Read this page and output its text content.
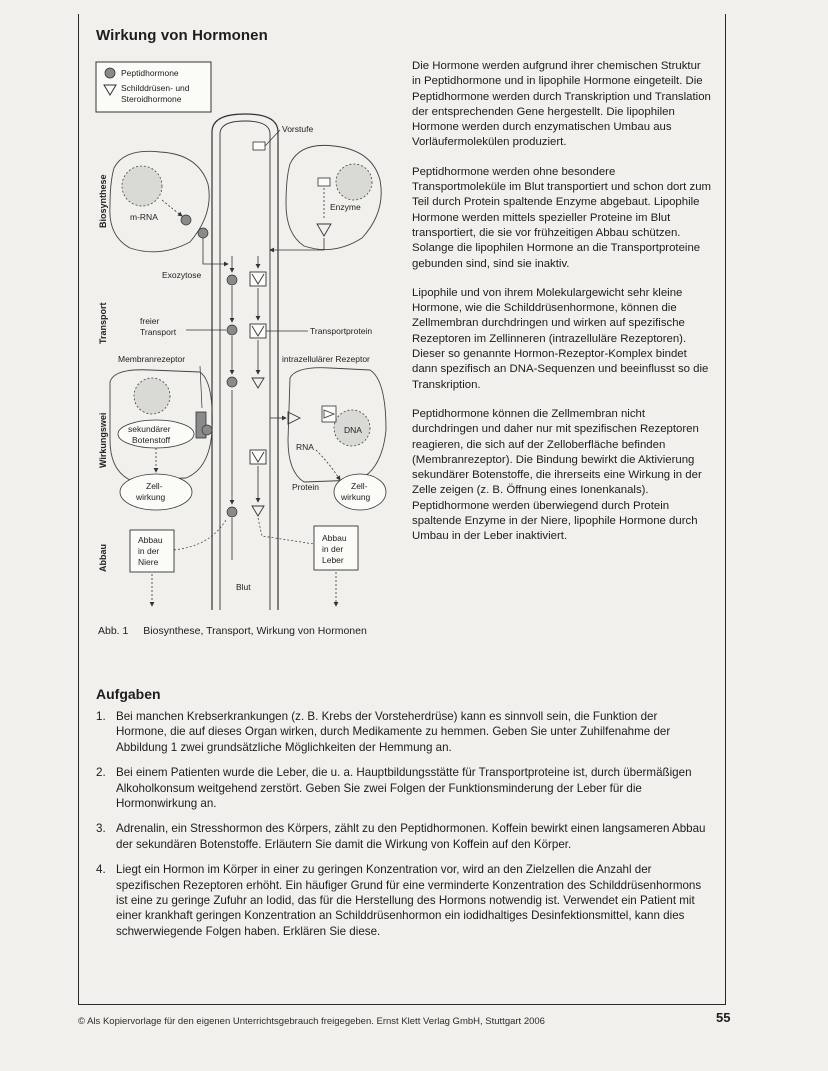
Wirkung von Hormonen
Peptidhormone
Schilddrüsen- und
Steroidhormone
Biosynthese
Transport
Wirkungswei
Abbau
Blut
m-RNA
Exozytose
Enzyme
Vorstufe
freier
Transport	Transportprotein
Membranrezeptor	intrazellulärer Rezeptor
sekundärer
Botenstoff
Zell-
wirkung
DNA
RNA
Protein	Zell-
wirkung
Abbau
in der
Niere
Abbau
in der
Leber
Abb. 1 Biosynthese, Transport, Wirkung von Hormonen

Die Hormone werden aufgrund ihrer chemischen Struktur in Peptidhormone und in lipophile Hormone eingeteilt. Die Peptidhormone werden durch Transkription und Translation der entsprechenden Gene hergestellt. Die lipophilen Hormone werden durch enzymatischen Umbau aus Vorläufermolekülen produziert.

Peptidhormone werden ohne besondere Transportmoleküle im Blut transportiert und schon dort zum Teil durch Protein spaltende Enzyme abgebaut. Lipophile Hormone werden mittels spezieller Proteine im Blut transportiert, die sie vor frühzeitigen Abbau schützen. Solange die lipophilen Hormone an die Transportproteine gebunden sind, sind sie inaktiv.

Lipophile und von ihrem Molekulargewicht sehr kleine Hormone, wie die Schilddrüsenhormone, können die Zellmembran durchdringen und wirken auf spezifische Rezeptoren im Zellinneren (intrazelluläre Rezeptoren). Dieser so genannte Hormon-Rezeptor-Komplex bindet dann spezifisch an DNA-Sequenzen und beeinflusst so die Transkription.

Peptidhormone können die Zellmembran nicht durchdringen und daher nur mit spezifischen Rezeptoren reagieren, die sich auf der Zelloberfläche befinden (Membranrezeptor). Die Bindung bewirkt die Aktivierung sekundärer Botenstoffe, die ihrerseits eine Wirkung in der Zelle zeigen (z. B. Öffnung eines Ionenkanals). Peptidhormone werden überwiegend durch Protein spaltende Enzyme in der Niere, lipophile Hormone durch Umbau in der Leber inaktiviert.

Aufgaben
1. Bei manchen Krebserkrankungen (z. B. Krebs der Vorsteherdrüse) kann es sinnvoll sein, die Funktion der Hormone, die auf dieses Organ wirken, durch Medikamente zu hemmen. Geben Sie unter Zuhilfenahme der Abbildung 1 zwei grundsätzliche Möglichkeiten der Hemmung an.
2. Bei einem Patienten wurde die Leber, die u. a. Hauptbildungsstätte für Transportproteine ist, durch übermäßigen Alkoholkonsum weitgehend zerstört. Geben Sie zwei Folgen der Funktionsminderung der Leber für die Hormonwirkung an.
3. Adrenalin, ein Stresshormon des Körpers, zählt zu den Peptidhormonen. Koffein bewirkt einen langsameren Abbau der sekundären Botenstoffe. Erläutern Sie damit die Wirkung von Koffein auf den Körper.
4. Liegt ein Hormon im Körper in einer zu geringen Konzentration vor, wird an den Zielzellen die Anzahl der spezifischen Rezeptoren erhöht. Ein häufiger Grund für eine verminderte Konzentration des Schilddrüsenhormons ist eine zu geringe Zufuhr an Iodid, das für die Herstellung des Hormons notwendig ist. Verwendet ein Patient mit einer krankhaft geringen Konzentration an Schilddrüsenhormon ein iodidhaltiges Desinfektionsmittel, kann dies schwerwiegende Folgen haben. Erklären Sie diese.
© Als Kopiervorlage für den eigenen Unterrichtsgebrauch freigegeben. Ernst Klett Verlag GmbH, Stuttgart 2006	55
